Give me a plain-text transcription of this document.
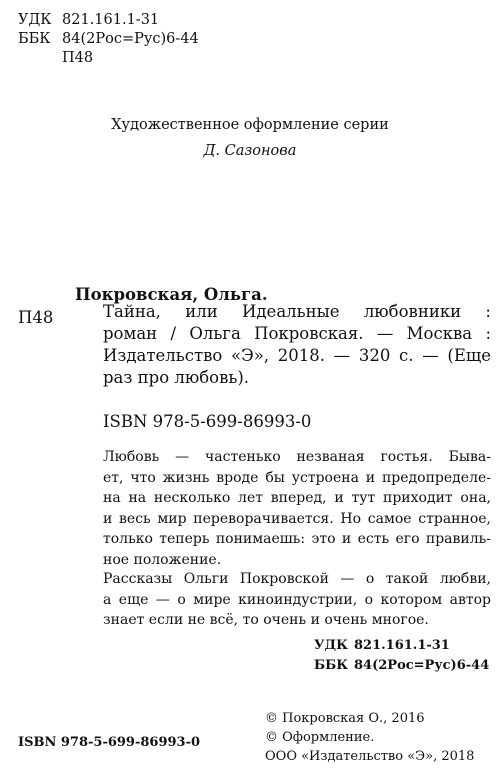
УДК 821.161.1-31
ББК 84(2Рос=Рус)6-44
П48
Художественное оформление серии
Д. Сазонова
Покровская, Ольга.
П48	Тайна, или Идеальные любовники :
роман / Ольга Покровская. — Москва :
Издательство «Э», 2018. — 320 с. — (Еще
раз про любовь).
ISBN 978-5-699-86993-0
Любовь — частенько незваная гостья. Быва-
ет, что жизнь вроде бы устроена и предопределе-
на на несколько лет вперед, и тут приходит она,
и весь мир переворачивается. Но самое странное,
только теперь понимаешь: это и есть его правиль-
ное положение.
Рассказы Ольги Покровской — о такой любви,
а еще — о мире киноиндустрии, о котором автор
знает если не всё, то очень и очень многое.
УДК 821.161.1-31
ББК 84(2Рос=Рус)6-44
ISBN 978-5-699-86993-0
© Покровская О., 2016
© Оформление.
ООО «Издательство «Э», 2018
